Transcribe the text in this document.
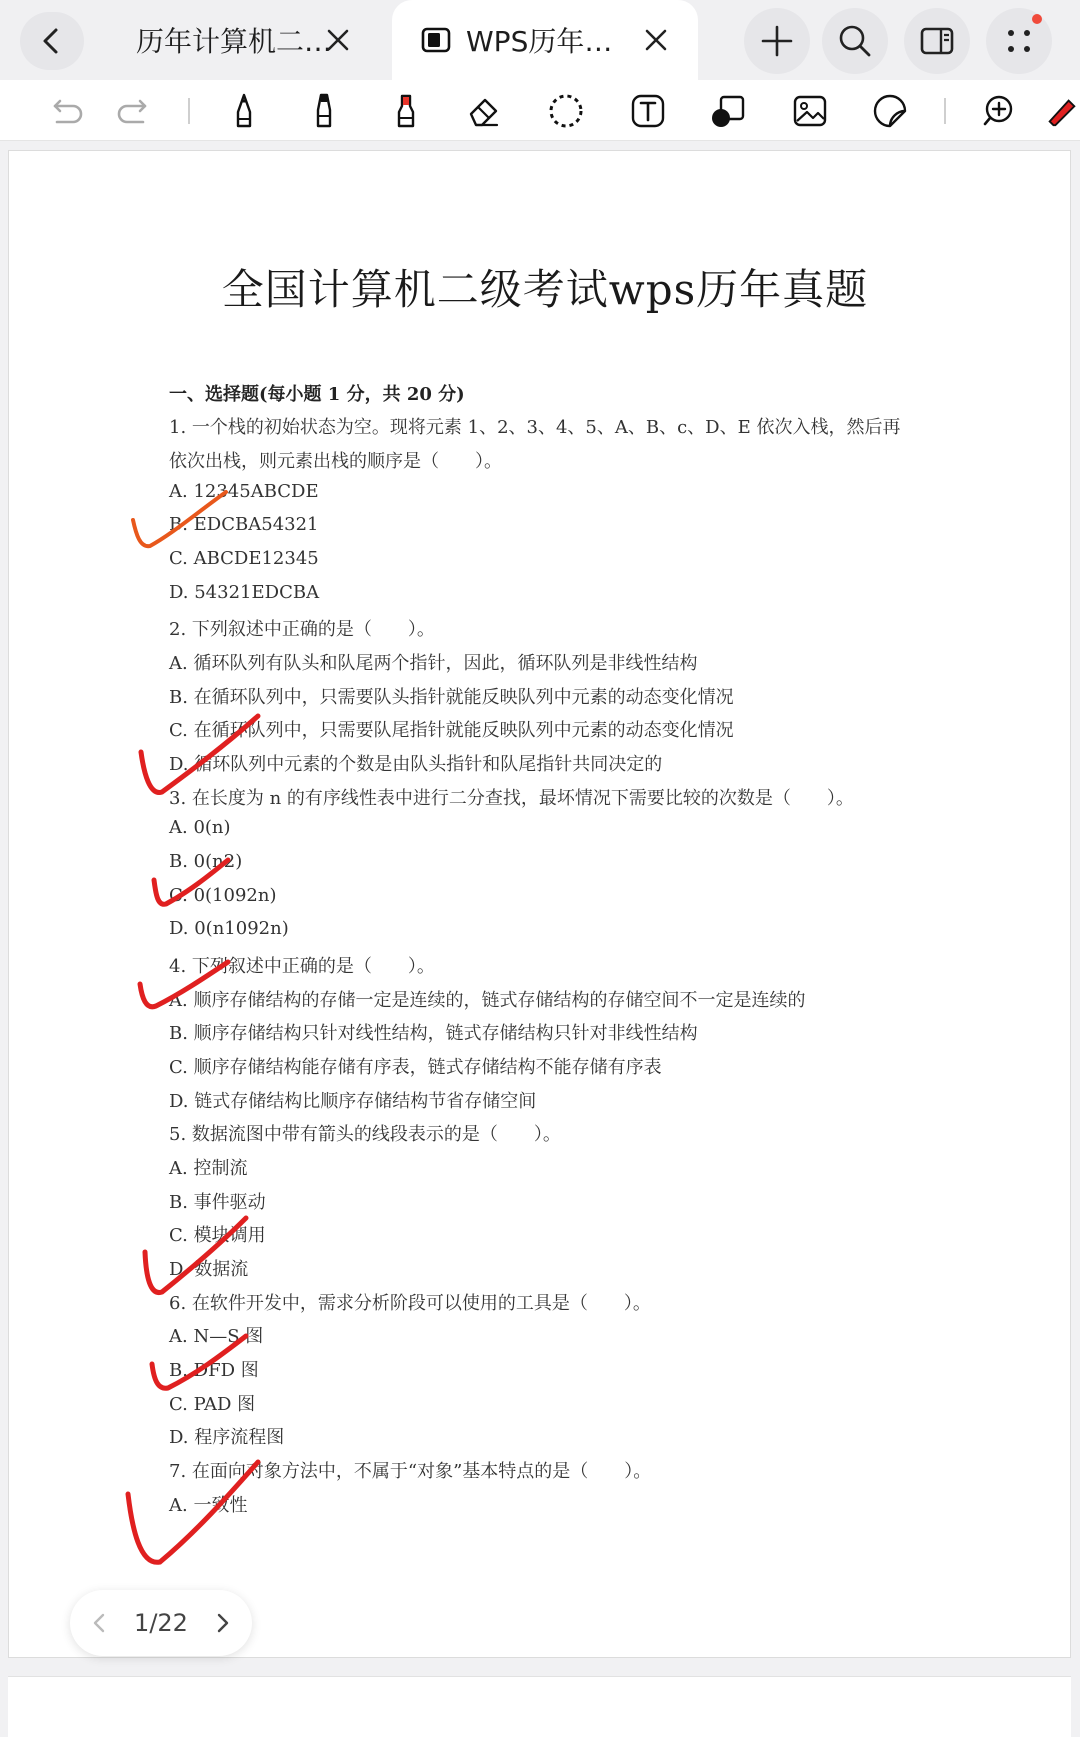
历年计算机二…	WPS历年…
全国计算机二级考试wps历年真题
一、选择题(每小题 1 分，共 20 分)
1. 一个栈的初始状态为空。现将元素 1、2、3、4、5、A、B、c、D、E 依次入栈，然后再
依次出栈，则元素出栈的顺序是（　　）。
A. 12345ABCDE
B. EDCBA54321
C. ABCDE12345
D. 54321EDCBA
2. 下列叙述中正确的是（　　）。
A. 循环队列有队头和队尾两个指针，因此，循环队列是非线性结构
B. 在循环队列中，只需要队头指针就能反映队列中元素的动态变化情况
C. 在循环队列中，只需要队尾指针就能反映队列中元素的动态变化情况
D. 循环队列中元素的个数是由队头指针和队尾指针共同决定的
3. 在长度为 n 的有序线性表中进行二分查找，最坏情况下需要比较的次数是（　　）。
A. 0(n)
B. 0(n2)
C. 0(1092n)
D. 0(n1092n)
4. 下列叙述中正确的是（　　）。
A. 顺序存储结构的存储一定是连续的，链式存储结构的存储空间不一定是连续的
B. 顺序存储结构只针对线性结构，链式存储结构只针对非线性结构
C. 顺序存储结构能存储有序表，链式存储结构不能存储有序表
D. 链式存储结构比顺序存储结构节省存储空间
5. 数据流图中带有箭头的线段表示的是（　　）。
A. 控制流
B. 事件驱动
C. 模块调用
D. 数据流
6. 在软件开发中，需求分析阶段可以使用的工具是（　　）。
A. N—S 图
B. DFD 图
C. PAD 图
D. 程序流程图
7. 在面向对象方法中，不属于“对象”基本特点的是（　　）。
A. 一致性
1/22
